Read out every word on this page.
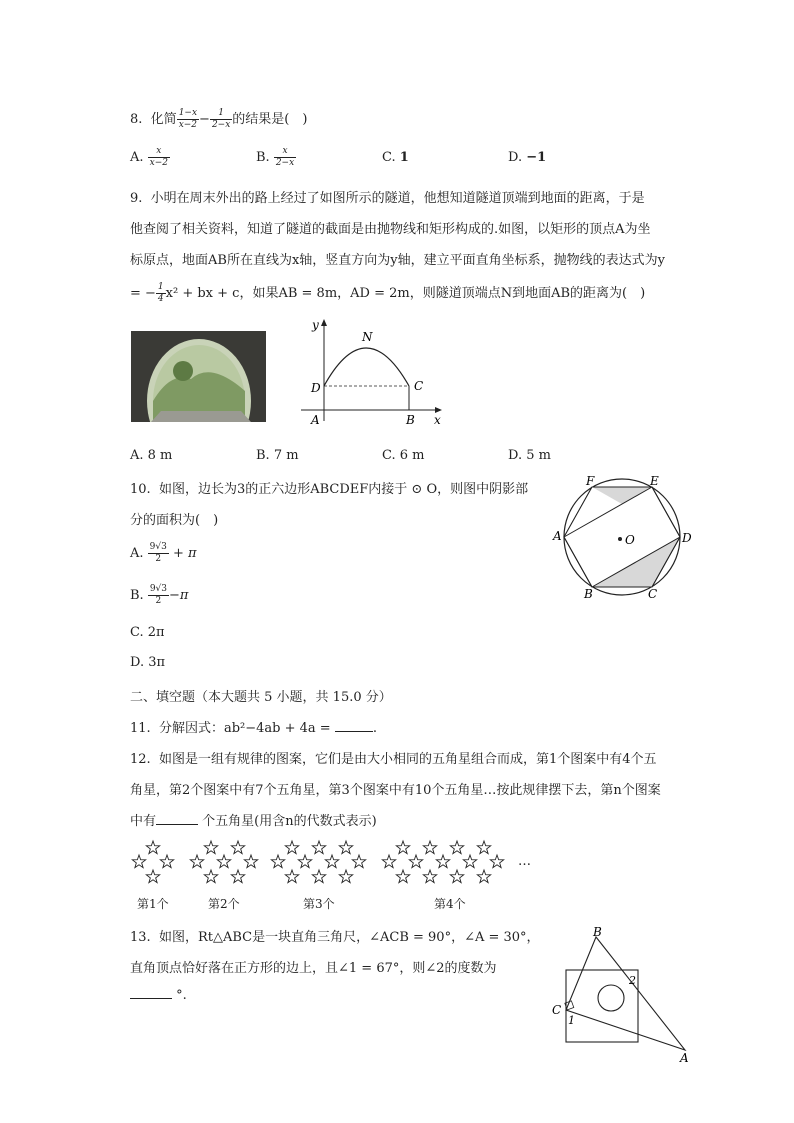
8. 化简 $\frac{1-x}{x-2} - \frac{1}{2-x}$ 的结果是(　)
A. $\frac{x}{x-2}$	B. $\frac{x}{2-x}$	C. 1	D. −1
9. 小明在周末外出的路上经过了如图所示的隧道，他想知道隧道顶端到地面的距离，于是
他查阅了相关资料，知道了隧道的截面是由抛物线和矩形构成的.如图，以矩形的顶点A为坐
标原点，地面AB所在直线为x轴，竖直方向为y轴，建立平面直角坐标系，抛物线的表达式为y
= − $\frac{1}{4} x^2$ + bx + c，如果AB = 8m，AD = 2m，则隧道顶端点N到地面AB的距离为(　)
y
N
D	C
A	B x
A. 8 m	B. 7 m	C. 6 m	D. 5 m
10. 如图，边长为3的正六边形ABCDEF内接于 ⊙ O，则图中阴影部
分的面积为(　)
A. $\frac{9√3}{2} + \pi$
B. $\frac{9√3}{2} -\pi$
C. 2π
D. 3π
F	E
A	O	D
B	C
二、填空题（本大题共 5 小题，共 15.0 分）
11. 分解因式：ab²−4ab + 4a =	.
12. 如图是一组有规律的图案，它们是由大小相同的五角星组合而成，第1个图案中有4个五
角星，第2个图案中有7个五角星，第3个图案中有10个五角星…按此规律摆下去，第n个图案
中有	个五角星(用含n的代数式表示)
…
第1个	第2个	第3个	第4个
13. 如图，Rt△ABC是一块直角三角尺，∠ACB = 90°，∠A = 30°，
直角顶点恰好落在正方形的边上，且∠1 = 67°，则∠2的度数为
°.
B
C
1
2
A
